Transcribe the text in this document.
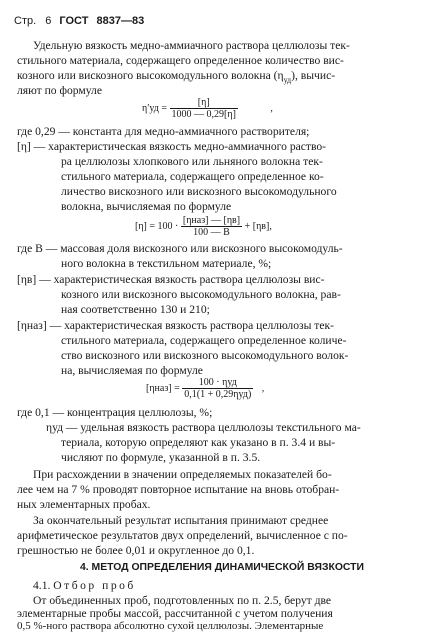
Стр. 6 ГОСТ 8837—83
Удельную вязкость медно-аммиачного раствора целлюлозы тек-
стильного материала, содержащего определенное количество вис-
козного или вискозного высокомодульного волокна $(\eta_{уд})$, вычис-
ляют по формуле
$\eta'уд = \frac{[\eta]}{1000 — 0,29[\eta]}$	,
где 0,29 — константа для медно-аммиачного растворителя;
[η] — характеристическая вязкость медно-аммиачного раство-
ра целлюлозы хлопкового или льняного волокна тек-
стильного материала, содержащего определенное ко-
личество вискозного или вискозного высокомодульного
волокна, вычисляемая по формуле
$[\eta] = 100 \cdot \frac{\text{[ηназ] — [ηв]}}{100 — B} + [\eta в]$,
где B — массовая доля вискозного или вискозного высокомодуль-
ного волокна в текстильном материале, %;
[ηв] — характеристическая вязкость раствора целлюлозы вис-
козного или вискозного высокомодульного волокна, рав-
ная соответственно 130 и 210;
[ηназ] — характеристическая вязкость раствора целлюлозы тек-
стильного материала, содержащего определенное количе-
ство вискозного или вискозного высокомодульного волок-
на, вычисляемая по формуле
$[\eta наз] = \frac{\text{100 · ηуд}}{\text{0,1(1 + 0,29ηуд)}}$ ,
где 0,1 — концентрация целлюлозы, %;
ηуд — удельная вязкость раствора целлюлозы текстильного ма-
териала, которую определяют как указано в п. 3.4 и вы-
числяют по формуле, указанной в п. 3.5.
При расхождении в значении определяемых показателей бо-
лее чем на 7 % проводят повторное испытание на вновь отобран-
ных элементарных пробах.
За окончательный результат испытания принимают среднее
арифметическое результатов двух определений, вычисленное с по-
грешностью не более 0,01 и округленное до 0,1.
4. МЕТОД ОПРЕДЕЛЕНИЯ ДИНАМИЧЕСКОЙ ВЯЗКОСТИ
4.1. Отбор проб
От объединенных проб, подготовленных по п. 2.5, берут две
элементарные пробы массой, рассчитанной с учетом получения
0,5 %-ного раствора абсолютно сухой целлюлозы. Элементарные
